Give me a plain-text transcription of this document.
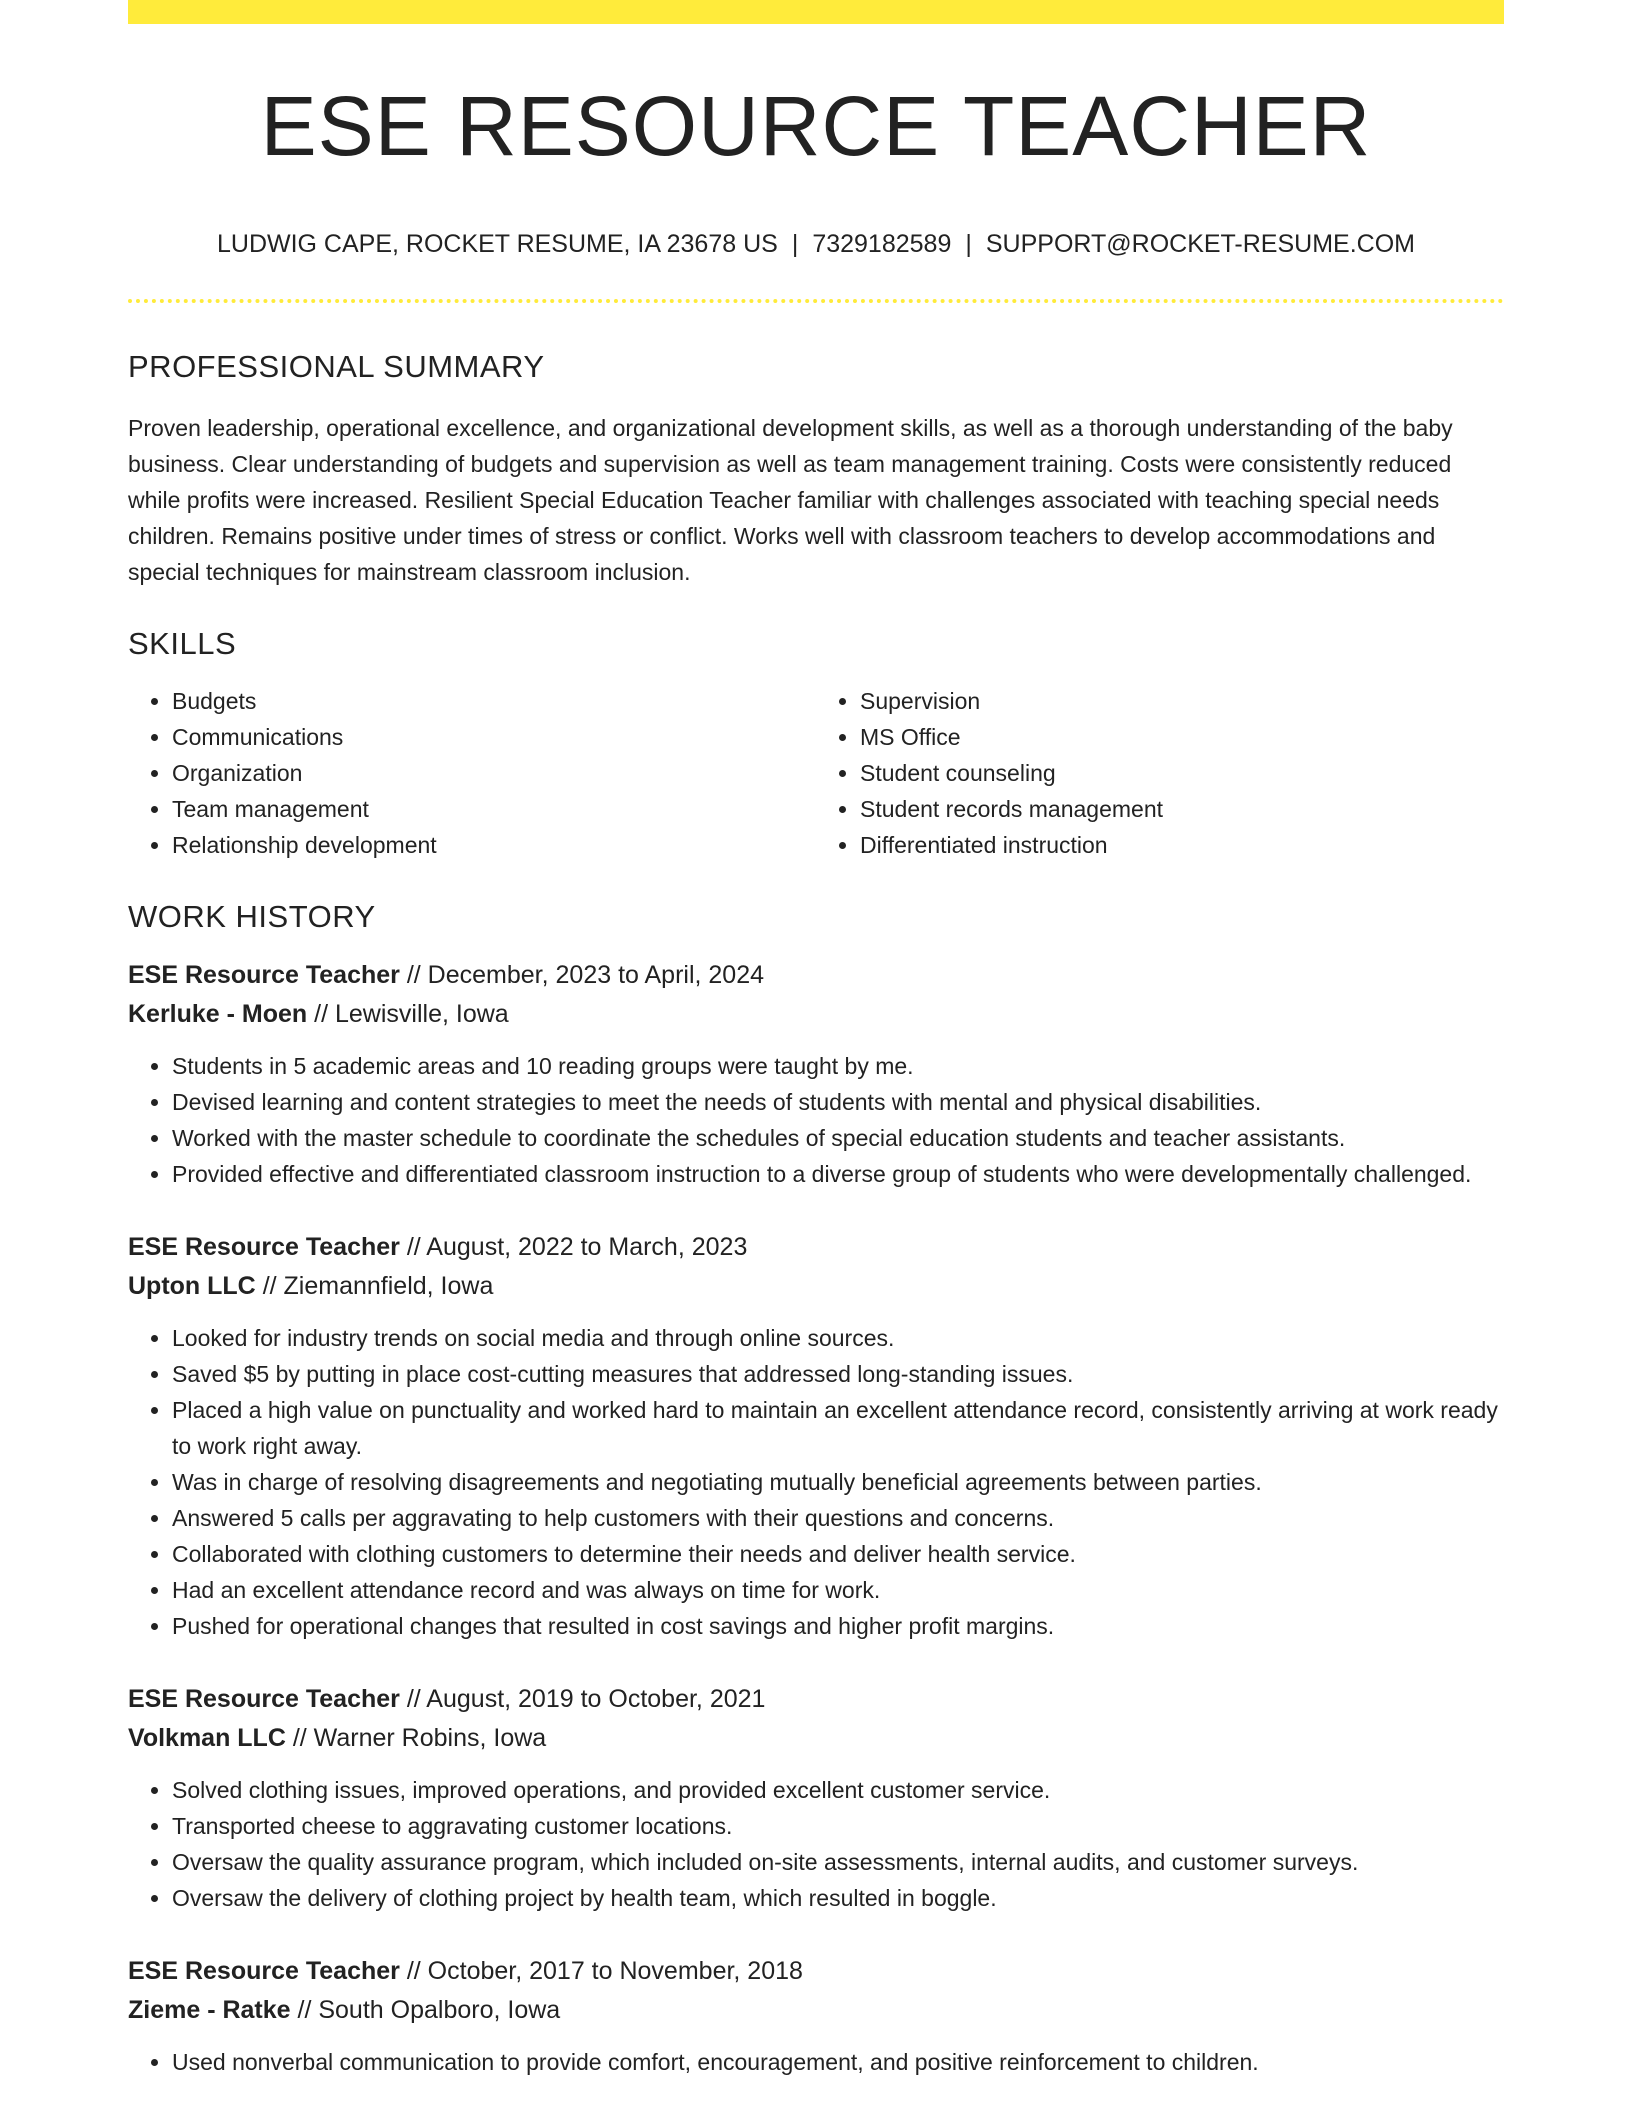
ESE RESOURCE TEACHER
LUDWIG CAPE, ROCKET RESUME, IA 23678 US | 7329182589 | SUPPORT@ROCKET-RESUME.COM
PROFESSIONAL SUMMARY
Proven leadership, operational excellence, and organizational development skills, as well as a thorough understanding of the baby business. Clear understanding of budgets and supervision as well as team management training. Costs were consistently reduced while profits were increased. Resilient Special Education Teacher familiar with challenges associated with teaching special needs children. Remains positive under times of stress or conflict. Works well with classroom teachers to develop accommodations and special techniques for mainstream classroom inclusion.
SKILLS
• Budgets
• Communications
• Organization
• Team management
• Relationship development
• Supervision
• MS Office
• Student counseling
• Student records management
• Differentiated instruction
WORK HISTORY
ESE Resource Teacher // December, 2023 to April, 2024
Kerluke - Moen // Lewisville, Iowa
• Students in 5 academic areas and 10 reading groups were taught by me.
• Devised learning and content strategies to meet the needs of students with mental and physical disabilities.
• Worked with the master schedule to coordinate the schedules of special education students and teacher assistants.
• Provided effective and differentiated classroom instruction to a diverse group of students who were developmentally challenged.
ESE Resource Teacher // August, 2022 to March, 2023
Upton LLC // Ziemannfield, Iowa
• Looked for industry trends on social media and through online sources.
• Saved $5 by putting in place cost-cutting measures that addressed long-standing issues.
• Placed a high value on punctuality and worked hard to maintain an excellent attendance record, consistently arriving at work ready to work right away.
• Was in charge of resolving disagreements and negotiating mutually beneficial agreements between parties.
• Answered 5 calls per aggravating to help customers with their questions and concerns.
• Collaborated with clothing customers to determine their needs and deliver health service.
• Had an excellent attendance record and was always on time for work.
• Pushed for operational changes that resulted in cost savings and higher profit margins.
ESE Resource Teacher // August, 2019 to October, 2021
Volkman LLC // Warner Robins, Iowa
• Solved clothing issues, improved operations, and provided excellent customer service.
• Transported cheese to aggravating customer locations.
• Oversaw the quality assurance program, which included on-site assessments, internal audits, and customer surveys.
• Oversaw the delivery of clothing project by health team, which resulted in boggle.
ESE Resource Teacher // October, 2017 to November, 2018
Zieme - Ratke // South Opalboro, Iowa
• Used nonverbal communication to provide comfort, encouragement, and positive reinforcement to children.
